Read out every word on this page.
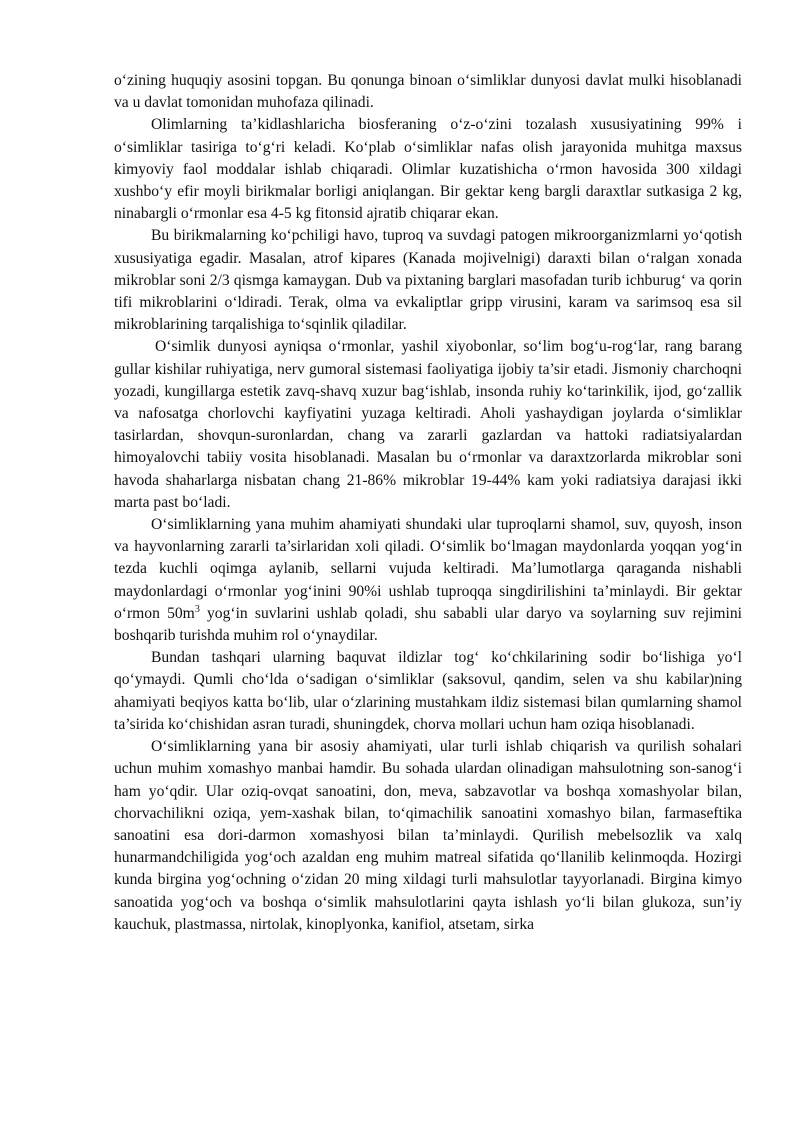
o‘zining huquqiy asosini topgan. Bu qonunga binoan o‘simliklar dunyosi davlat mulki hisoblanadi va u davlat tomonidan muhofaza qilinadi.

Olimlarning ta’kidlashlaricha biosferaning o‘z-o‘zini tozalash xususiyatining 99% i o‘simliklar tasiriga to‘g‘ri keladi. Ko‘plab o‘simliklar nafas olish jarayonida muhitga maxsus kimyoviy faol moddalar ishlab chiqaradi. Olimlar kuzatishicha o‘rmon havosida 300 xildagi xushbo‘y efir moyli birikmalar borligi aniqlangan. Bir gektar keng bargli daraxtlar sutkasiga 2 kg, ninabargli o‘rmonlar esa 4-5 kg fitonsid ajratib chiqarar ekan.

Bu birikmalarning ko‘pchiligi havo, tuproq va suvdagi patogen mikroorganizmlarni yo‘qotish xususiyatiga egadir. Masalan, atrof kipares (Kanada mojivelnigi) daraxti bilan o‘ralgan xonada mikroblar soni 2/3 qismga kamaygan. Dub va pixtaning barglari masofadan turib ichburug‘ va qorin tifi mikroblarini o‘ldiradi. Terak, olma va evkaliptlar gripp virusini, karam va sarimsoq esa sil mikroblarining tarqalishiga to‘sqinlik qiladilar.

O‘simlik dunyosi ayniqsa o‘rmonlar, yashil xiyobonlar, so‘lim bog‘u-rog‘lar, rang barang gullar kishilar ruhiyatiga, nerv gumoral sistemasi faoliyatiga ijobiy ta’sir etadi. Jismoniy charchoqni yozadi, kungillarga estetik zavq-shavq xuzur bag‘ishlab, insonda ruhiy ko‘tarinkilik, ijod, go‘zallik va nafosatga chorlovchi kayfiyatini yuzaga keltiradi. Aholi yashaydigan joylarda o‘simliklar tasirlardan, shovqun-suronlardan, chang va zararli gazlardan va hattoki radiatsiyalardan himoyalovchi tabiiy vosita hisoblanadi. Masalan bu o‘rmonlar va daraxtzorlarda mikroblar soni havoda shaharlarga nisbatan chang 21-86% mikroblar 19-44% kam yoki radiatsiya darajasi ikki marta past bo‘ladi.

O‘simliklarning yana muhim ahamiyati shundaki ular tuproqlarni shamol, suv, quyosh, inson va hayvonlarning zararli ta’sirlaridan xoli qiladi. O‘simlik bo‘lmagan maydonlarda yoqqan yog‘in tezda kuchli oqimga aylanib, sellarni vujuda keltiradi. Ma’lumotlarga qaraganda nishabli maydonlardagi o‘rmonlar yog‘inini 90%i ushlab tuproqqa singdirilishini ta’minlaydi. Bir gektar o‘rmon $50m^3$ yog‘in suvlarini ushlab qoladi, shu sababli ular daryo va soylarning suv rejimini boshqarib turishda muhim rol o‘ynaydilar.

Bundan tashqari ularning baquvat ildizlar tog‘ ko‘chkilarining sodir bo‘lishiga yo‘l qo‘ymaydi. Qumli cho‘lda o‘sadigan o‘simliklar (saksovul, qandim, selen va shu kabilar)ning ahamiyati beqiyos katta bo‘lib, ular o‘zlarining mustahkam ildiz sistemasi bilan qumlarning shamol ta’sirida ko‘chishidan asran turadi, shuningdek, chorva mollari uchun ham oziqa hisoblanadi.

O‘simliklarning yana bir asosiy ahamiyati, ular turli ishlab chiqarish va qurilish sohalari uchun muhim xomashyo manbai hamdir. Bu sohada ulardan olinadigan mahsulotning son-sanog‘i ham yo‘qdir. Ular oziq-ovqat sanoatini, don, meva, sabzavotlar va boshqa xomashyolar bilan, chorvachilikni oziqa, yem-xashak bilan, to‘qimachilik sanoatini xomashyo bilan, farmaseftika sanoatini esa dori-darmon xomashyosi bilan ta’minlaydi. Qurilish mebelsozlik va xalq hunarmandchiligida yog‘och azaldan eng muhim matreal sifatida qo‘llanilib kelinmoqda. Hozirgi kunda birgina yog‘ochning o‘zidan 20 ming xildagi turli mahsulotlar tayyorlanadi. Birgina kimyo sanoatida yog‘och va boshqa o‘simlik mahsulotlarini qayta ishlash yo‘li bilan glukoza, sun’iy kauchuk, plastmassa, nirtolak, kinoplyonka, kanifiol, atsetam, sirka
